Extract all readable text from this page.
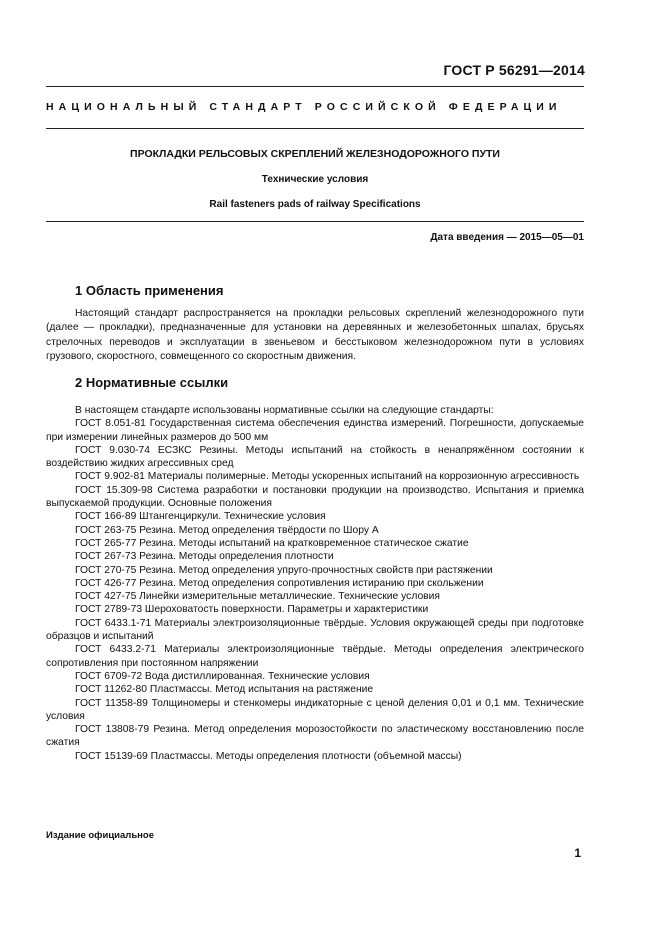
ГОСТ Р 56291—2014
НАЦИОНАЛЬНЫЙ СТАНДАРТ РОССИЙСКОЙ ФЕДЕРАЦИИ
ПРОКЛАДКИ РЕЛЬСОВЫХ СКРЕПЛЕНИЙ ЖЕЛЕЗНОДОРОЖНОГО ПУТИ
Технические условия
Rail fasteners pads of railway Specifications
Дата введения — 2015—05—01
1 Область применения

Настоящий стандарт распространяется на прокладки рельсовых скреплений железнодорожного пути (далее — прокладки), предназначенные для установки на деревянных и железобетонных шпалах, брусьях стрелочных переводов и эксплуатации в звеньевом и бесстыковом железнодорожном пути в условиях грузового, скоростного, совмещенного со скоростным движения.

2 Нормативные ссылки

В настоящем стандарте использованы нормативные ссылки на следующие стандарты:

ГОСТ 8.051-81 Государственная система обеспечения единства измерений. Погрешности, допускаемые при измерении линейных размеров до 500 мм

ГОСТ 9.030-74 ЕСЗКС Резины. Методы испытаний на стойкость в ненапряжённом состоянии к воздействию жидких агрессивных сред

ГОСТ 9.902-81 Материалы полимерные. Методы ускоренных испытаний на коррозионную агрессивность

ГОСТ 15.309-98 Система разработки и постановки продукции на производство. Испытания и приемка выпускаемой продукции. Основные положения

ГОСТ 166-89 Штангенциркули. Технические условия

ГОСТ 263-75 Резина. Метод определения твёрдости по Шору А

ГОСТ 265-77 Резина. Методы испытаний на кратковременное статическое сжатие

ГОСТ 267-73 Резина. Методы определения плотности

ГОСТ 270-75 Резина. Метод определения упруго-прочностных свойств при растяжении

ГОСТ 426-77 Резина. Метод определения сопротивления истиранию при скольжении

ГОСТ 427-75 Линейки измерительные металлические. Технические условия

ГОСТ 2789-73 Шероховатость поверхности. Параметры и характеристики

ГОСТ 6433.1-71 Материалы электроизоляционные твёрдые. Условия окружающей среды при подготовке образцов и испытаний

ГОСТ 6433.2-71 Материалы электроизоляционные твёрдые. Методы определения электрического сопротивления при постоянном напряжении

ГОСТ 6709-72 Вода дистиллированная. Технические условия

ГОСТ 11262-80 Пластмассы. Метод испытания на растяжение

ГОСТ 11358-89 Толщиномеры и стенкомеры индикаторные с ценой деления 0,01 и 0,1 мм. Технические условия

ГОСТ 13808-79 Резина. Метод определения морозостойкости по эластическому восстановлению после сжатия

ГОСТ 15139-69 Пластмассы. Методы определения плотности (объемной массы)

Издание официальное
1
